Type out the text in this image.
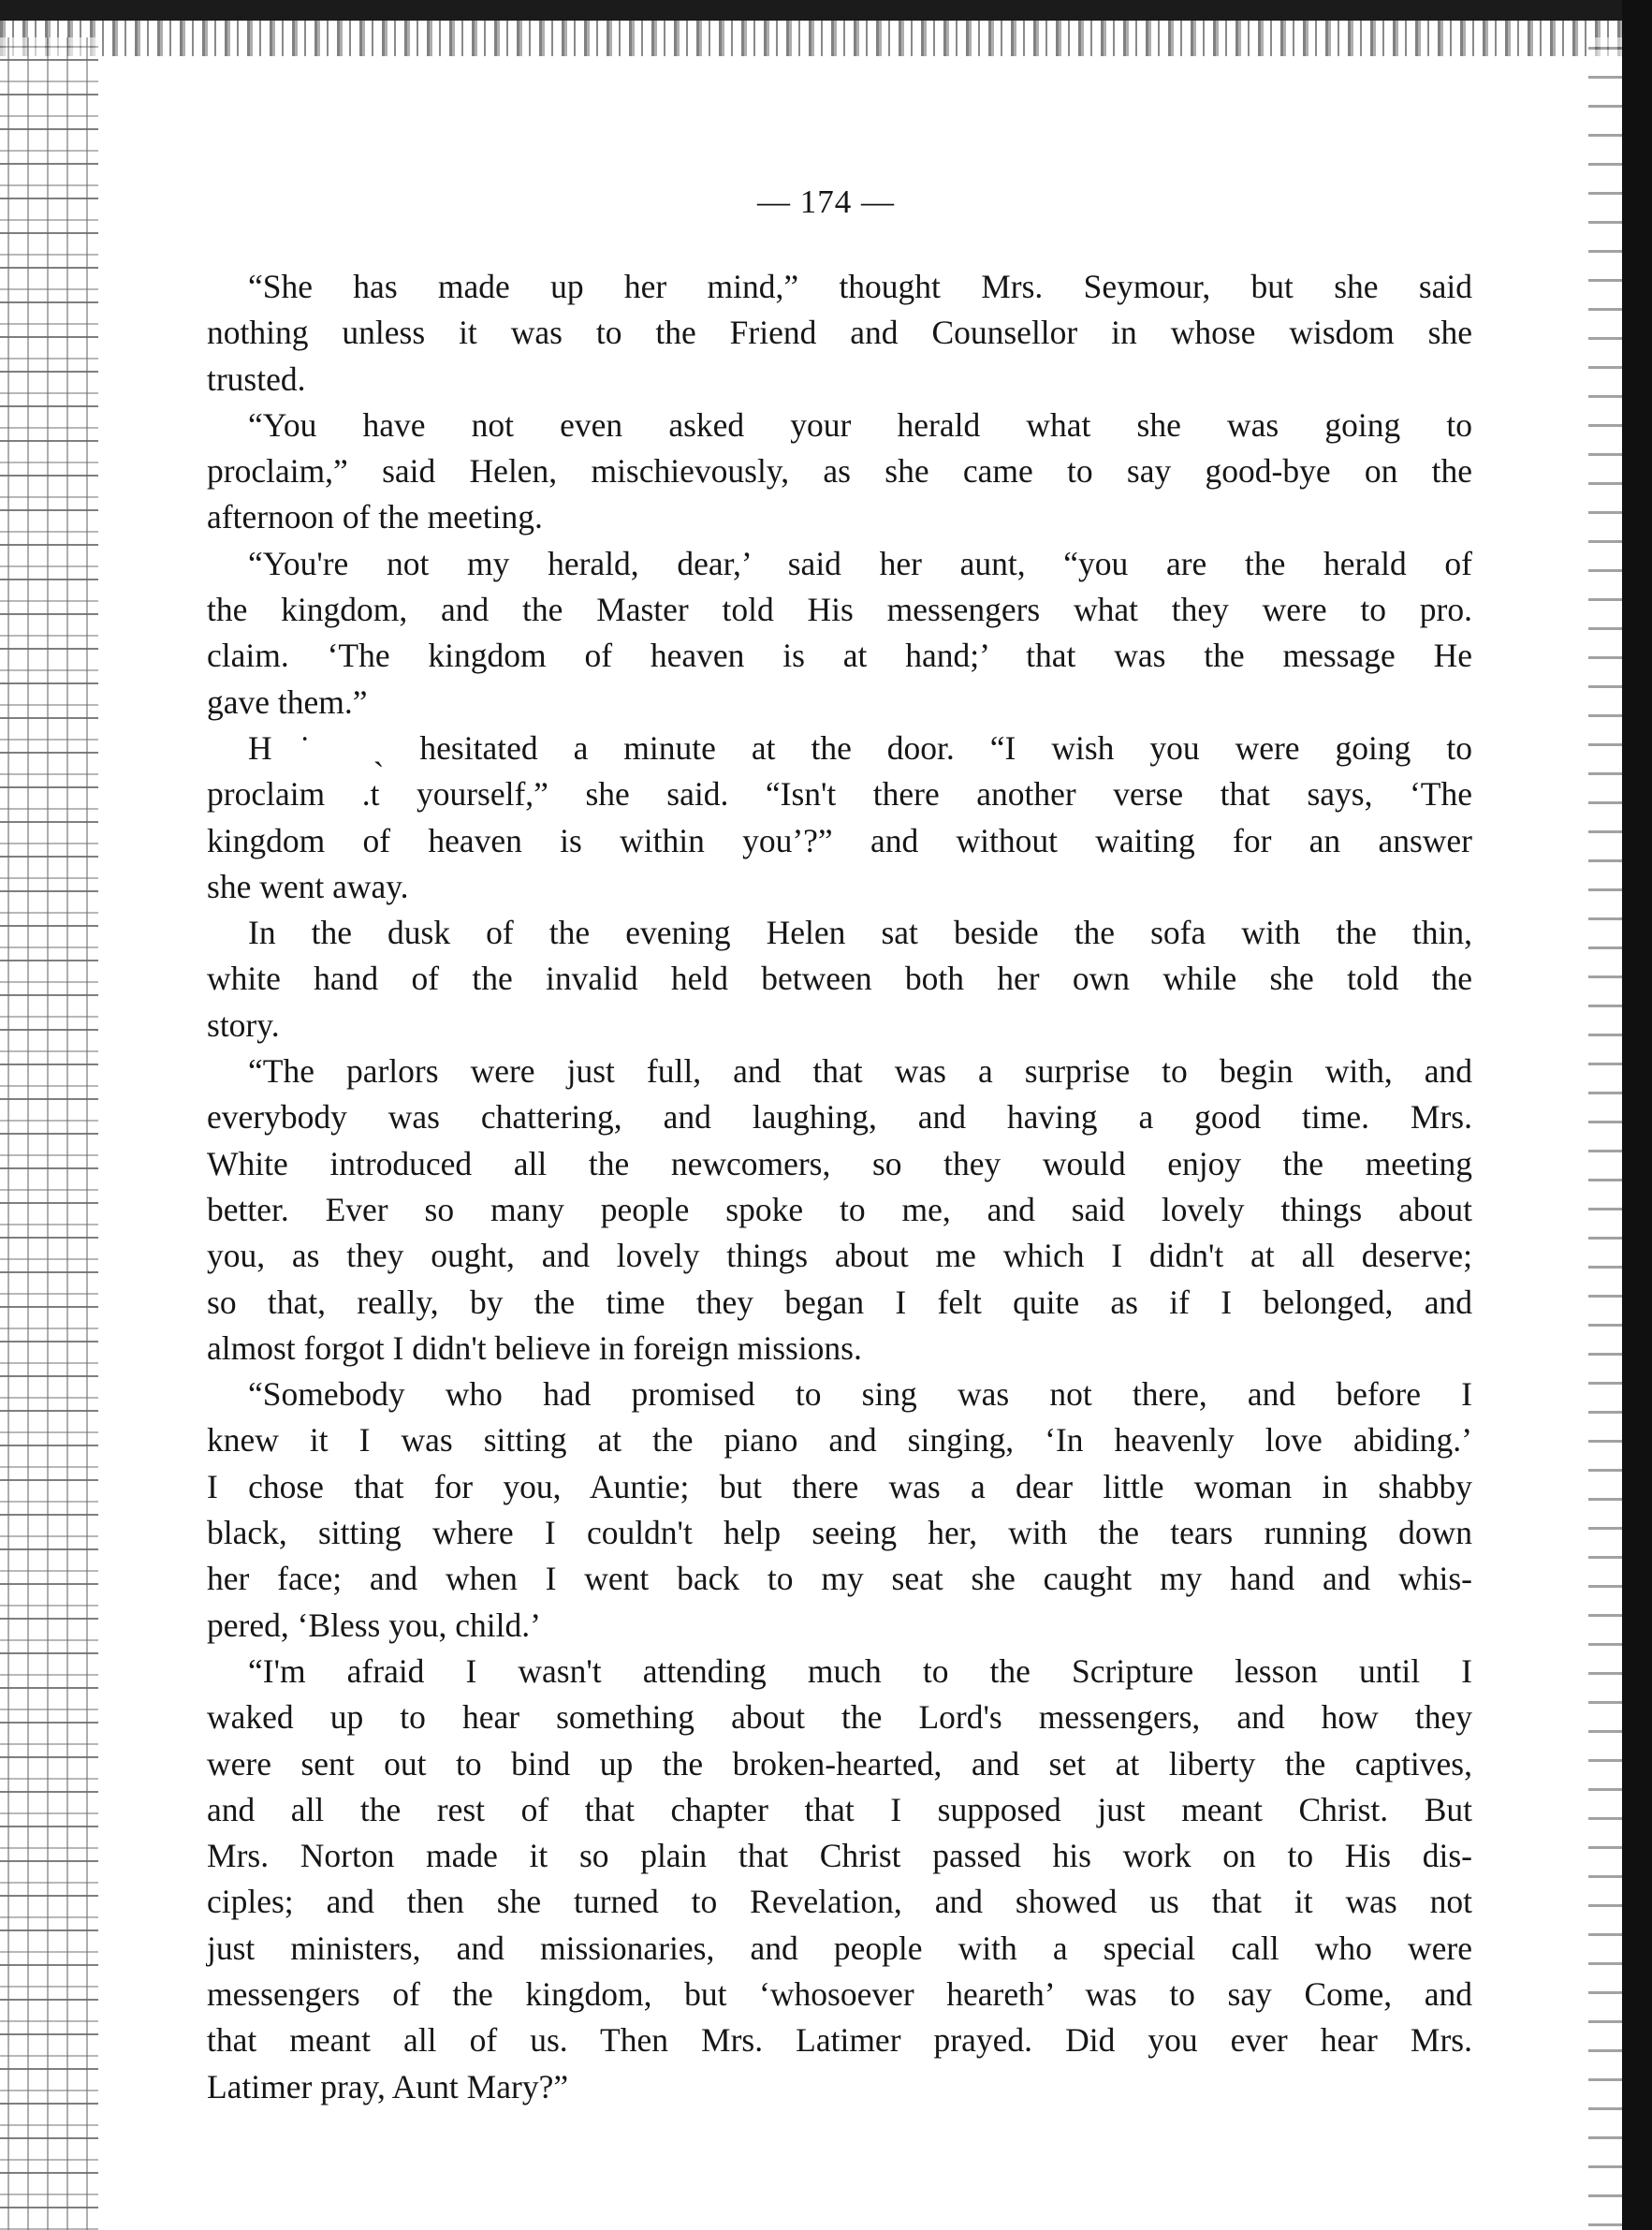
— 174 —
“She has made up her mind,” thought Mrs. Seymour, but she said
nothing unless it was to the Friend and Counsellor in whose wisdom she
trusted.
“You have not even asked your herald what she was going to
proclaim,” said Helen, mischievously, as she came to say good-bye on the
afternoon of the meeting.
“You're not my herald, dear,’ said her aunt, “you are the herald of
the kingdom, and the Master told His messengers what they were to pro.
claim. ‘The kingdom of heaven is at hand;’ that was the message He
gave them.”
H˙ ˎ hesitated a minute at the door. “I wish you were going to
proclaim .t yourself,” she said. “Isn't there another verse that says, ‘The
kingdom of heaven is within you’?” and without waiting for an answer
she went away.
In the dusk of the evening Helen sat beside the sofa with the thin,
white hand of the invalid held between both her own while she told the
story.
“The parlors were just full, and that was a surprise to begin with, and
everybody was chattering, and laughing, and having a good time. Mrs.
White introduced all the newcomers, so they would enjoy the meeting
better. Ever so many people spoke to me, and said lovely things about
you, as they ought, and lovely things about me which I didn't at all deserve;
so that, really, by the time they began I felt quite as if I belonged, and
almost forgot I didn't believe in foreign missions.
“Somebody who had promised to sing was not there, and before I
knew it I was sitting at the piano and singing, ‘In heavenly love abiding.’
I chose that for you, Auntie; but there was a dear little woman in shabby
black, sitting where I couldn't help seeing her, with the tears running down
her face; and when I went back to my seat she caught my hand and whis-
pered, ‘Bless you, child.’
“I'm afraid I wasn't attending much to the Scripture lesson until I
waked up to hear something about the Lord's messengers, and how they
were sent out to bind up the broken-hearted, and set at liberty the captives,
and all the rest of that chapter that I supposed just meant Christ. But
Mrs. Norton made it so plain that Christ passed his work on to His dis-
ciples; and then she turned to Revelation, and showed us that it was not
just ministers, and missionaries, and people with a special call who were
messengers of the kingdom, but ‘whosoever heareth’ was to say Come, and
that meant all of us. Then Mrs. Latimer prayed. Did you ever hear Mrs.
Latimer pray, Aunt Mary?”
